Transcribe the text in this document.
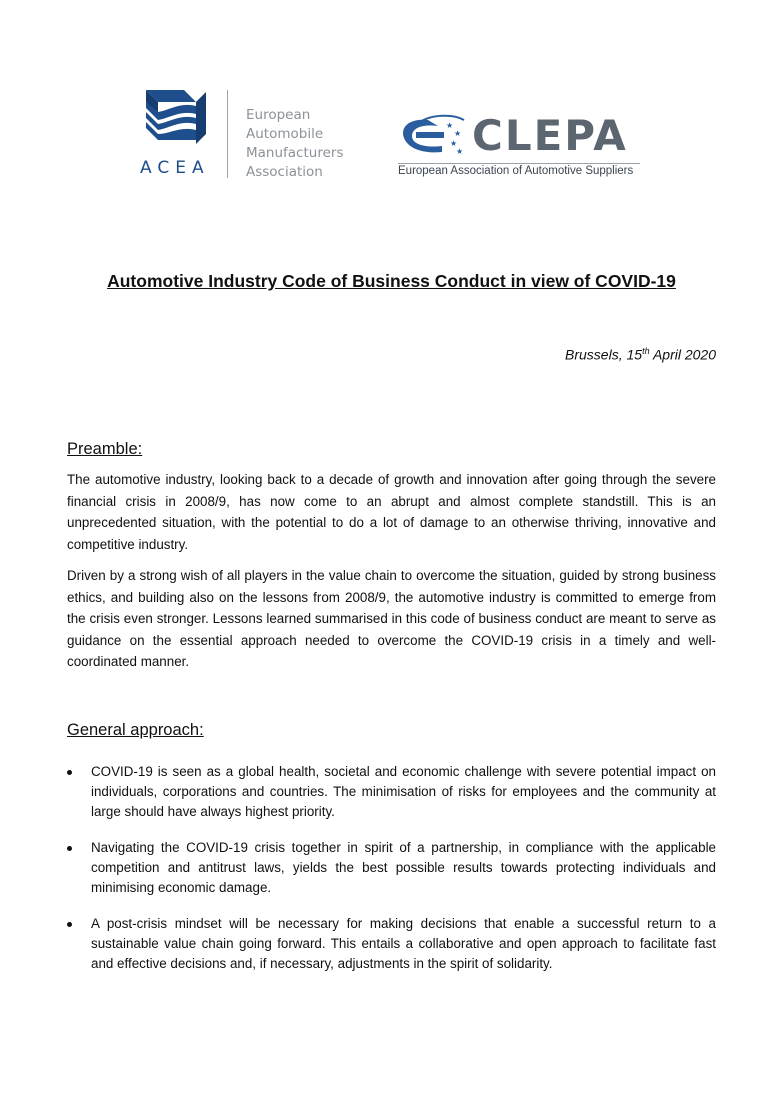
ACEA
European
Automobile
Manufacturers
Association
★
★
★
★ CLEPA
European Association of Automotive Suppliers
Automotive Industry Code of Business Conduct in view of COVID-19
Brussels, 15th April 2020
Preamble:

The automotive industry, looking back to a decade of growth and innovation after going through the severe financial crisis in 2008/9, has now come to an abrupt and almost complete standstill. This is an unprecedented situation, with the potential to do a lot of damage to an otherwise thriving, innovative and competitive industry.

Driven by a strong wish of all players in the value chain to overcome the situation, guided by strong business ethics, and building also on the lessons from 2008/9, the automotive industry is committed to emerge from the crisis even stronger. Lessons learned summarised in this code of business conduct are meant to serve as guidance on the essential approach needed to overcome the COVID-19 crisis in a timely and well-coordinated manner.

General approach:
COVID-19 is seen as a global health, societal and economic challenge with severe potential impact on individuals, corporations and countries. The minimisation of risks for employees and the community at large should have always highest priority.
Navigating the COVID-19 crisis together in spirit of a partnership, in compliance with the applicable competition and antitrust laws, yields the best possible results towards protecting individuals and minimising economic damage.
A post-crisis mindset will be necessary for making decisions that enable a successful return to a sustainable value chain going forward. This entails a collaborative and open approach to facilitate fast and effective decisions and, if necessary, adjustments in the spirit of solidarity.
